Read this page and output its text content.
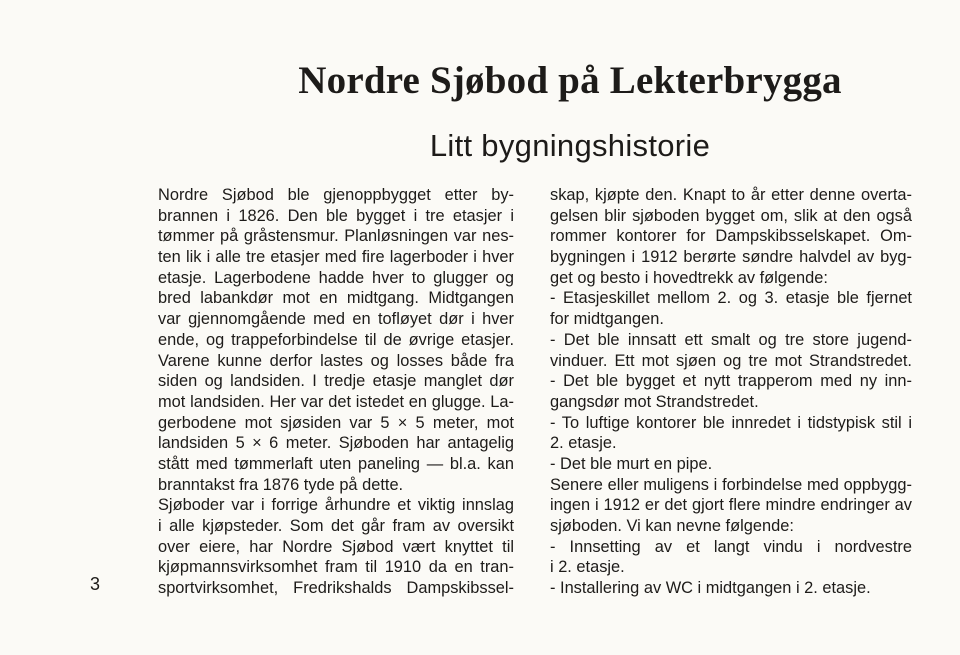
Nordre Sjøbod på Lekterbrygga
Litt bygningshistorie
Nordre Sjøbod ble gjenoppbygget etter by-
brannen i 1826. Den ble bygget i tre etasjer i
tømmer på gråstensmur. Planløsningen var nes-
ten lik i alle tre etasjer med fire lagerboder i hver
etasje. Lagerbodene hadde hver to glugger og
bred labankdør mot en midtgang. Midtgangen
var gjennomgående med en tofløyet dør i hver
ende, og trappeforbindelse til de øvrige etasjer.
Varene kunne derfor lastes og losses både fra
siden og landsiden. I tredje etasje manglet dør
mot landsiden. Her var det istedet en glugge. La-
gerbodene mot sjøsiden var 5 × 5 meter, mot
landsiden 5 × 6 meter. Sjøboden har antagelig
stått med tømmerlaft uten paneling — bl.a. kan
branntakst fra 1876 tyde på dette.
Sjøboder var i forrige århundre et viktig innslag
i alle kjøpsteder. Som det går fram av oversikt
over eiere, har Nordre Sjøbod vært knyttet til
kjøpmannsvirksomhet fram til 1910 da en tran-
sportvirksomhet, Fredrikshalds Dampskibssel-
skap, kjøpte den. Knapt to år etter denne overta-
gelsen blir sjøboden bygget om, slik at den også
rommer kontorer for Dampskibsselskapet. Om-
bygningen i 1912 berørte søndre halvdel av byg-
get og besto i hovedtrekk av følgende:
- Etasjeskillet mellom 2. og 3. etasje ble fjernet
for midtgangen.
- Det ble innsatt ett smalt og tre store jugend-
vinduer. Ett mot sjøen og tre mot Strandstredet.
- Det ble bygget et nytt trapperom med ny inn-
gangsdør mot Strandstredet.
- To luftige kontorer ble innredet i tidstypisk stil i
2. etasje.
- Det ble murt en pipe.
Senere eller muligens i forbindelse med oppbygg-
ingen i 1912 er det gjort flere mindre endringer av
sjøboden. Vi kan nevne følgende:
- Innsetting av et langt vindu i nordvestre
i 2. etasje.
- Installering av WC i midtgangen i 2. etasje.
3
